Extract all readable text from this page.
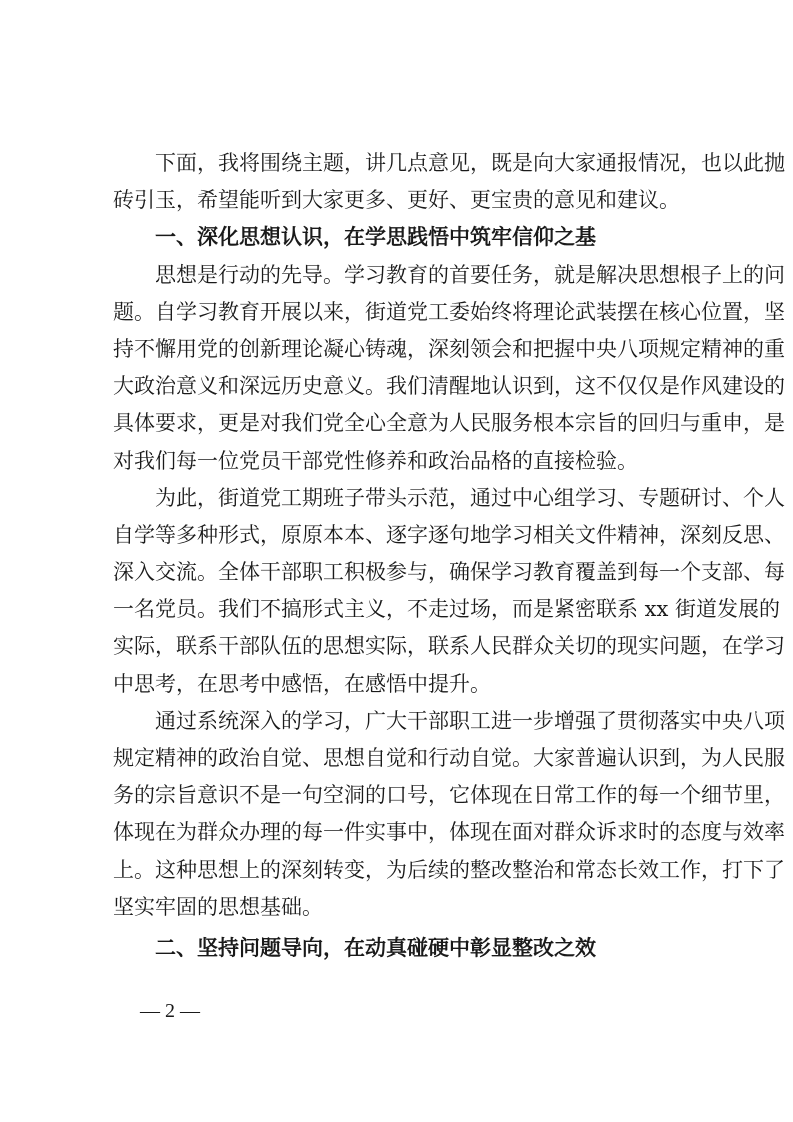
下面，我将围绕主题，讲几点意见，既是向大家通报情况，也以此抛
砖引玉，希望能听到大家更多、更好、更宝贵的意见和建议。
一、深化思想认识，在学思践悟中筑牢信仰之基
思想是行动的先导。学习教育的首要任务，就是解决思想根子上的问
题。自学习教育开展以来，街道党工委始终将理论武装摆在核心位置，坚
持不懈用党的创新理论凝心铸魂，深刻领会和把握中央八项规定精神的重
大政治意义和深远历史意义。我们清醒地认识到，这不仅仅是作风建设的
具体要求，更是对我们党全心全意为人民服务根本宗旨的回归与重申，是
对我们每一位党员干部党性修养和政治品格的直接检验。
为此，街道党工期班子带头示范，通过中心组学习、专题研讨、个人
自学等多种形式，原原本本、逐字逐句地学习相关文件精神，深刻反思、
深入交流。全体干部职工积极参与，确保学习教育覆盖到每一个支部、每
一名党员。我们不搞形式主义，不走过场，而是紧密联系 xx 街道发展的
实际，联系干部队伍的思想实际，联系人民群众关切的现实问题，在学习
中思考，在思考中感悟，在感悟中提升。
通过系统深入的学习，广大干部职工进一步增强了贯彻落实中央八项
规定精神的政治自觉、思想自觉和行动自觉。大家普遍认识到，为人民服
务的宗旨意识不是一句空洞的口号，它体现在日常工作的每一个细节里，
体现在为群众办理的每一件实事中，体现在面对群众诉求时的态度与效率
上。这种思想上的深刻转变，为后续的整改整治和常态长效工作，打下了
坚实牢固的思想基础。
二、坚持问题导向，在动真碰硬中彰显整改之效
— 2 —
